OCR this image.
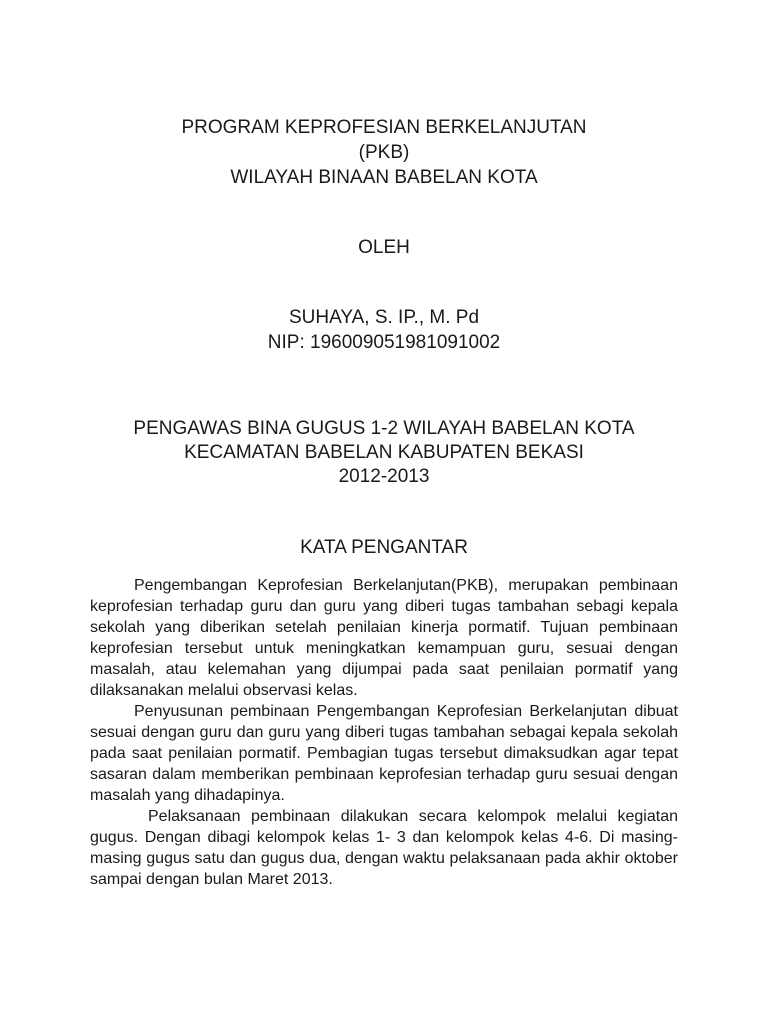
PROGRAM KEPROFESIAN BERKELANJUTAN
(PKB)
WILAYAH BINAAN BABELAN KOTA
OLEH
SUHAYA, S. IP., M. Pd
NIP: 196009051981091002
PENGAWAS BINA GUGUS 1-2 WILAYAH BABELAN KOTA
KECAMATAN BABELAN KABUPATEN BEKASI
2012-2013
KATA PENGANTAR

Pengembangan Keprofesian Berkelanjutan(PKB), merupakan pembinaan keprofesian terhadap guru dan guru yang diberi tugas tambahan sebagi kepala sekolah yang diberikan setelah penilaian kinerja pormatif. Tujuan pembinaan keprofesian tersebut untuk meningkatkan kemampuan guru, sesuai dengan masalah, atau kelemahan yang dijumpai pada saat penilaian pormatif yang dilaksanakan melalui observasi kelas.

Penyusunan pembinaan Pengembangan Keprofesian Berkelanjutan dibuat sesuai dengan guru dan guru yang diberi tugas tambahan sebagai kepala sekolah pada saat penilaian pormatif. Pembagian tugas tersebut dimaksudkan agar tepat sasaran dalam memberikan pembinaan keprofesian terhadap guru sesuai dengan masalah yang dihadapinya.

Pelaksanaan pembinaan dilakukan secara kelompok melalui kegiatan gugus. Dengan dibagi kelompok kelas 1- 3 dan kelompok kelas 4-6. Di masing-masing gugus satu dan gugus dua, dengan waktu pelaksanaan pada akhir oktober sampai dengan bulan Maret 2013.
